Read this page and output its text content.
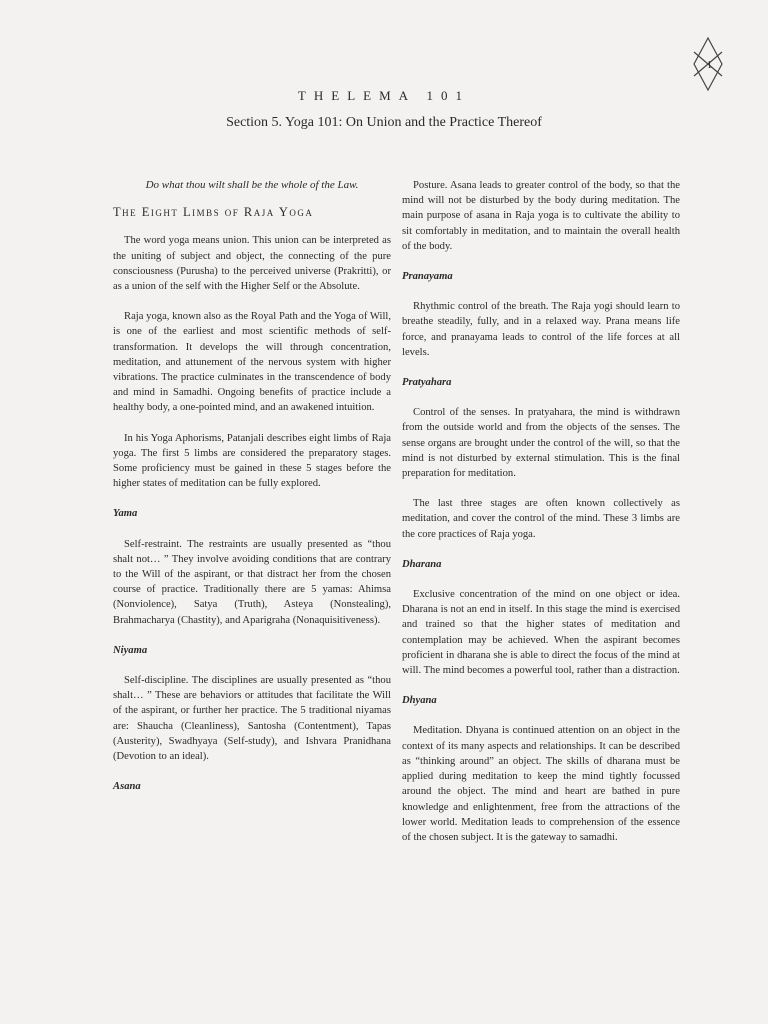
1
THELEMA 101
Section 5. Yoga 101: On Union and the Practice Thereof
Do what thou wilt shall be the whole of the Law.
The Eight Limbs of Raja Yoga

The word yoga means union. This union can be interpreted as the uniting of subject and object, the connecting of the pure consciousness (Purusha) to the perceived universe (Prakritti), or as a union of the self with the Higher Self or the Absolute.

Raja yoga, known also as the Royal Path and the Yoga of Will, is one of the earliest and most scientific methods of self-transformation. It develops the will through concentration, meditation, and attunement of the nervous system with higher vibrations. The practice culminates in the transcendence of body and mind in Samadhi. Ongoing benefits of practice include a healthy body, a one-pointed mind, and an awakened intuition.

In his Yoga Aphorisms, Patanjali describes eight limbs of Raja yoga. The first 5 limbs are considered the preparatory stages. Some proficiency must be gained in these 5 stages before the higher states of meditation can be fully explored.

Yama

Self-restraint. The restraints are usually presented as “thou shalt not… ” They involve avoiding conditions that are contrary to the Will of the aspirant, or that distract her from the chosen course of practice. Traditionally there are 5 yamas: Ahimsa (Nonviolence), Satya (Truth), Asteya (Nonstealing), Brahmacharya (Chastity), and Aparigraha (Nonaquisitiveness).

Niyama

Self-discipline. The disciplines are usually presented as “thou shalt… ” These are behaviors or attitudes that facilitate the Will of the aspirant, or further her practice. The 5 traditional niyamas are: Shaucha (Cleanliness), Santosha (Contentment), Tapas (Austerity), Swadhyaya (Self-study), and Ishvara Pranidhana (Devotion to an ideal).

Asana

Posture. Asana leads to greater control of the body, so that the mind will not be disturbed by the body during meditation. The main purpose of asana in Raja yoga is to cultivate the ability to sit comfortably in meditation, and to maintain the overall health of the body.

Pranayama

Rhythmic control of the breath. The Raja yogi should learn to breathe steadily, fully, and in a relaxed way. Prana means life force, and pranayama leads to control of the life forces at all levels.

Pratyahara

Control of the senses. In pratyahara, the mind is withdrawn from the outside world and from the objects of the senses. The sense organs are brought under the control of the will, so that the mind is not disturbed by external stimulation. This is the final preparation for meditation.

The last three stages are often known collectively as meditation, and cover the control of the mind. These 3 limbs are the core practices of Raja yoga.

Dharana

Exclusive concentration of the mind on one object or idea. Dharana is not an end in itself. In this stage the mind is exercised and trained so that the higher states of meditation and contemplation may be achieved. When the aspirant becomes proficient in dharana she is able to direct the focus of the mind at will. The mind becomes a powerful tool, rather than a distraction.

Dhyana

Meditation. Dhyana is continued attention on an object in the context of its many aspects and relationships. It can be described as “thinking around” an object. The skills of dharana must be applied during meditation to keep the mind tightly focussed around the object. The mind and heart are bathed in pure knowledge and enlightenment, free from the attractions of the lower world. Meditation leads to comprehension of the essence of the chosen subject. It is the gateway to samadhi.
